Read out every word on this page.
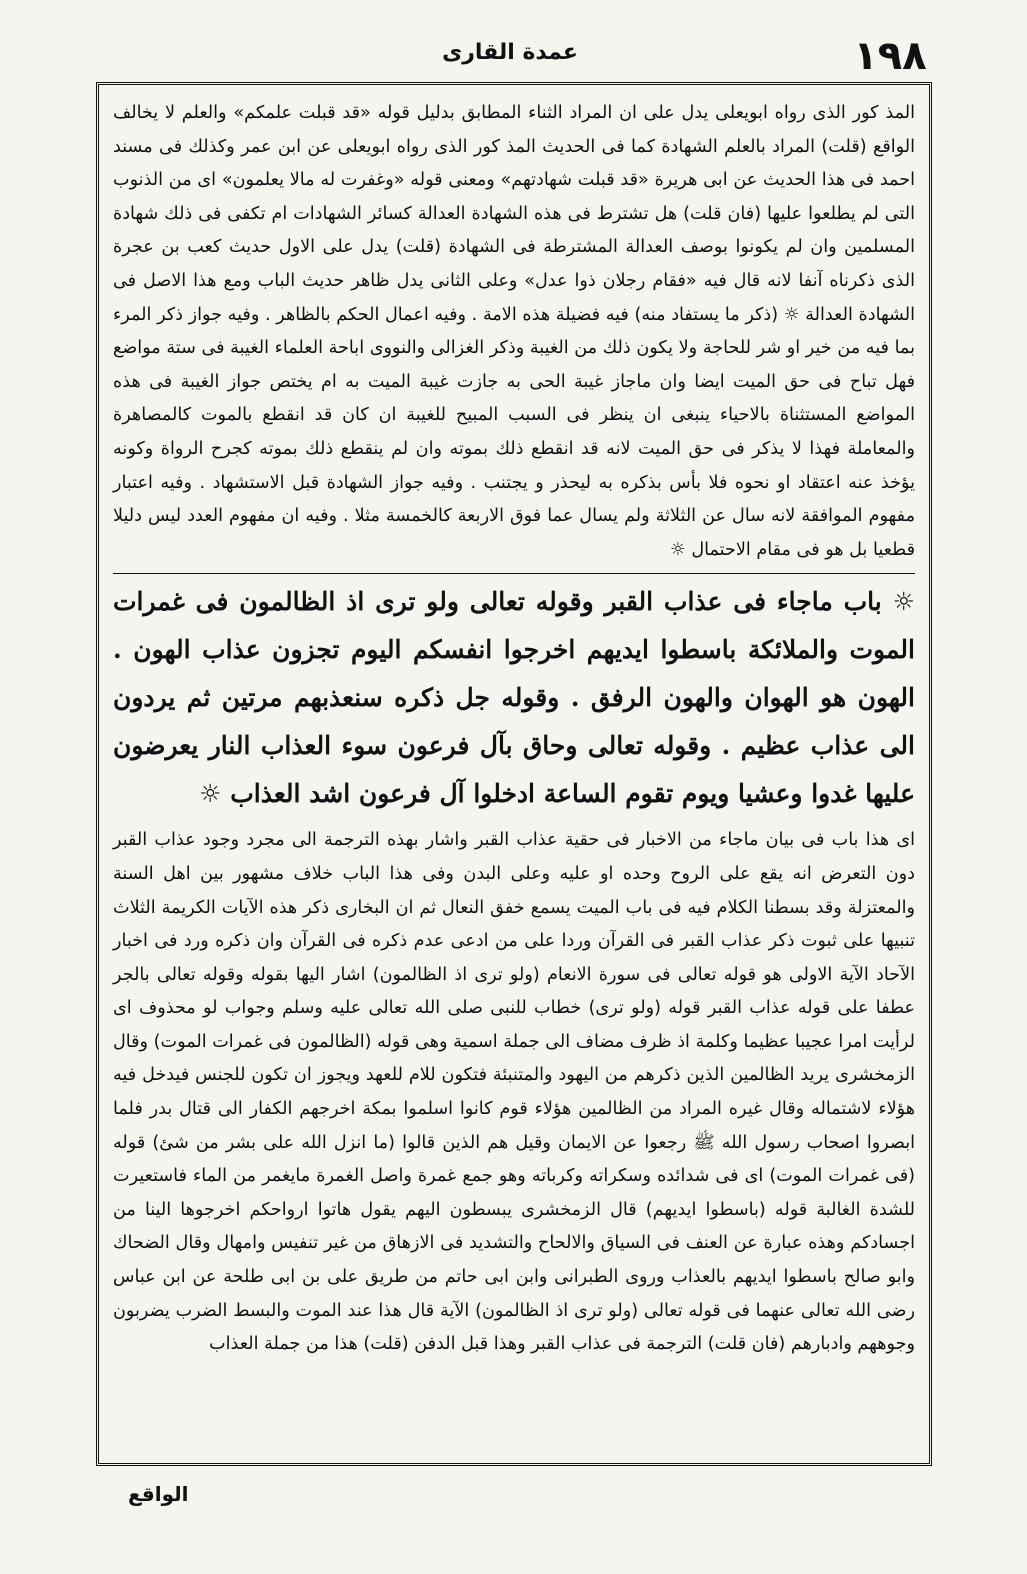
١٩٨
عمدة القارى

المذ كور الذى رواه ابويعلى يدل على ان المراد الثناء المطابق بدليل قوله «قد قبلت علمكم» والعلم لا يخالف الواقع (قلت) المراد بالعلم الشهادة كما فى الحديث المذ كور الذى رواه ابويعلى عن ابن عمر وكذلك فى مسند احمد فى هذا الحديث عن ابى هريرة «قد قبلت شهادتهم» ومعنى قوله «وغفرت له مالا يعلمون» اى من الذنوب التى لم يطلعوا عليها (فان قلت) هل تشترط فى هذه الشهادة العدالة كسائر الشهادات ام تكفى فى ذلك شهادة المسلمين وان لم يكونوا بوصف العدالة المشترطة فى الشهادة (قلت) يدل على الاول حديث كعب بن عجرة الذى ذكرناه آنفا لانه قال فيه «فقام رجلان ذوا عدل» وعلى الثانى يدل ظاهر حديث الباب ومع هذا الاصل فى الشهادة العدالة ☼ (ذكر ما يستفاد منه) فيه فضيلة هذه الامة . وفيه اعمال الحكم بالظاهر . وفيه جواز ذكر المرء بما فيه من خير او شر للحاجة ولا يكون ذلك من الغيبة وذكر الغزالى والنووى اباحة العلماء الغيبة فى ستة مواضع فهل تباح فى حق الميت ايضا وان ماجاز غيبة الحى به جازت غيبة الميت به ام يختص جواز الغيبة فى هذه المواضع المستثناة بالاحياء ينبغى ان ينظر فى السبب المبيح للغيبة ان كان قد انقطع بالموت كالمصاهرة والمعاملة فهذا لا يذكر فى حق الميت لانه قد انقطع ذلك بموته وان لم ينقطع ذلك بموته كجرح الرواة وكونه يؤخذ عنه اعتقاد او نحوه فلا بأس بذكره به ليحذر و يجتنب . وفيه جواز الشهادة قبل الاستشهاد . وفيه اعتبار مفهوم الموافقة لانه سال عن الثلاثة ولم يسال عما فوق الاربعة كالخمسة مثلا . وفيه ان مفهوم العدد ليس دليلا قطعيا بل هو فى مقام الاحتمال ☼

☼ باب ماجاء فى عذاب القبر وقوله تعالى ولو ترى اذ الظالمون فى غمرات الموت والملائكة باسطوا ايديهم اخرجوا انفسكم اليوم تجزون عذاب الهون . الهون هو الهوان والهون الرفق . وقوله جل ذكره سنعذبهم مرتين ثم يردون الى عذاب عظيم . وقوله تعالى وحاق بآل فرعون سوء العذاب النار يعرضون عليها غدوا وعشيا ويوم تقوم الساعة ادخلوا آل فرعون اشد العذاب ☼

اى هذا باب فى بيان ماجاء من الاخبار فى حقية عذاب القبر واشار بهذه الترجمة الى مجرد وجود عذاب القبر دون التعرض انه يقع على الروح وحده او عليه وعلى البدن وفى هذا الباب خلاف مشهور بين اهل السنة والمعتزلة وقد بسطنا الكلام فيه فى باب الميت يسمع خفق النعال ثم ان البخارى ذكر هذه الآيات الكريمة الثلاث تنبيها على ثبوت ذكر عذاب القبر فى القرآن وردا على من ادعى عدم ذكره فى القرآن وان ذكره ورد فى اخبار الآحاد الآية الاولى هو قوله تعالى فى سورة الانعام (ولو ترى اذ الظالمون) اشار اليها بقوله وقوله تعالى بالجر عطفا على قوله عذاب القبر قوله (ولو ترى) خطاب للنبى صلى الله تعالى عليه وسلم وجواب لو محذوف اى لرأيت امرا عجيبا عظيما وكلمة اذ ظرف مضاف الى جملة اسمية وهى قوله (الظالمون فى غمرات الموت) وقال الزمخشرى يريد الظالمين الذين ذكرهم من اليهود والمتنبئة فتكون للام للعهد ويجوز ان تكون للجنس فيدخل فيه هؤلاء لاشتماله وقال غيره المراد من الظالمين هؤلاء قوم كانوا اسلموا بمكة اخرجهم الكفار الى قتال بدر فلما ابصروا اصحاب رسول الله ﷺ رجعوا عن الايمان وقيل هم الذين قالوا (ما انزل الله على بشر من شئ) قوله (فى غمرات الموت) اى فى شدائده وسكراته وكرباته وهو جمع غمرة واصل الغمرة مايغمر من الماء فاستعيرت للشدة الغالبة قوله (باسطوا ايديهم) قال الزمخشرى يبسطون اليهم يقول هاتوا ارواحكم اخرجوها الينا من اجسادكم وهذه عبارة عن العنف فى السياق والالحاح والتشديد فى الازهاق من غير تنفيس وامهال وقال الضحاك وابو صالح باسطوا ايديهم بالعذاب وروى الطبرانى وابن ابى حاتم من طريق على بن ابى طلحة عن ابن عباس رضى الله تعالى عنهما فى قوله تعالى (ولو ترى اذ الظالمون) الآية قال هذا عند الموت والبسط الضرب يضربون وجوههم وادبارهم (فان قلت) الترجمة فى عذاب القبر وهذا قبل الدفن (قلت) هذا من جملة العذاب

الواقع
